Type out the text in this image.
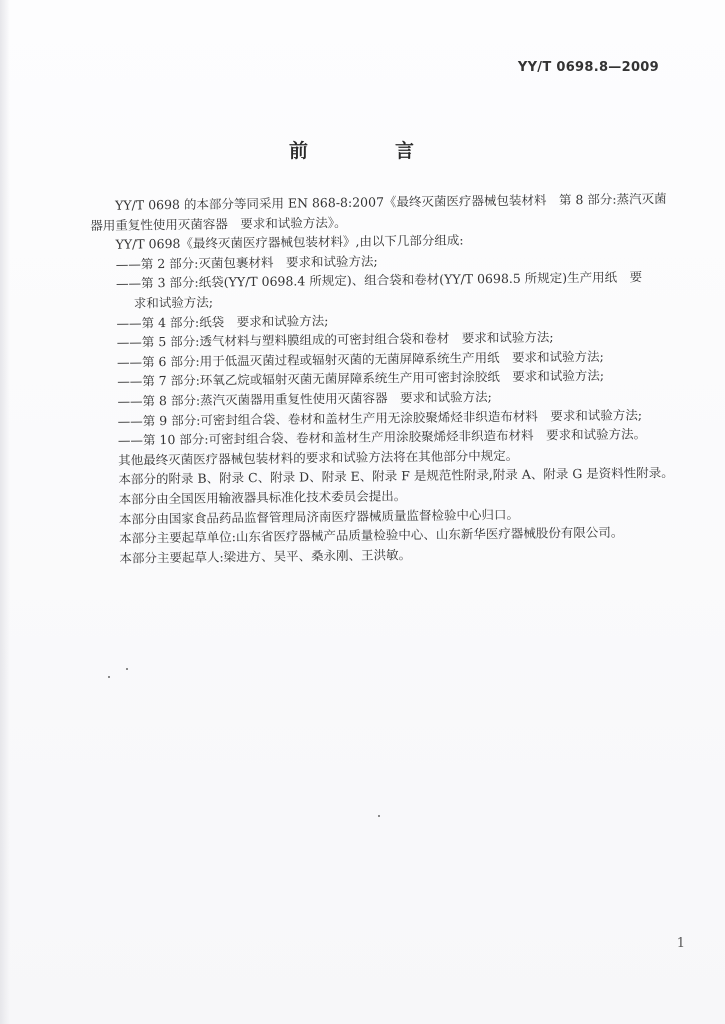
YY/T 0698.8—2009
前　言

YY/T 0698 的本部分等同采用 EN 868-8:2007《最终灭菌医疗器械包装材料　第 8 部分:蒸汽灭菌器用重复性使用灭菌容器　要求和试验方法》。

YY/T 0698《最终灭菌医疗器械包装材料》,由以下几部分组成:

——第 2 部分:灭菌包裹材料　要求和试验方法;

——第 3 部分:纸袋(YY/T 0698.4 所规定)、组合袋和卷材(YY/T 0698.5 所规定)生产用纸　要

求和试验方法;

——第 4 部分:纸袋　要求和试验方法;

——第 5 部分:透气材料与塑料膜组成的可密封组合袋和卷材　要求和试验方法;

——第 6 部分:用于低温灭菌过程或辐射灭菌的无菌屏障系统生产用纸　要求和试验方法;

——第 7 部分:环氧乙烷或辐射灭菌无菌屏障系统生产用可密封涂胶纸　要求和试验方法;

——第 8 部分:蒸汽灭菌器用重复性使用灭菌容器　要求和试验方法;

——第 9 部分:可密封组合袋、卷材和盖材生产用无涂胶聚烯烃非织造布材料　要求和试验方法;

——第 10 部分:可密封组合袋、卷材和盖材生产用涂胶聚烯烃非织造布材料　要求和试验方法。

其他最终灭菌医疗器械包装材料的要求和试验方法将在其他部分中规定。

本部分的附录 B、附录 C、附录 D、附录 E、附录 F 是规范性附录,附录 A、附录 G 是资料性附录。

本部分由全国医用输液器具标准化技术委员会提出。

本部分由国家食品药品监督管理局济南医疗器械质量监督检验中心归口。

本部分主要起草单位:山东省医疗器械产品质量检验中心、山东新华医疗器械股份有限公司。

本部分主要起草人:梁进方、吴平、桑永刚、王洪敏。

1
